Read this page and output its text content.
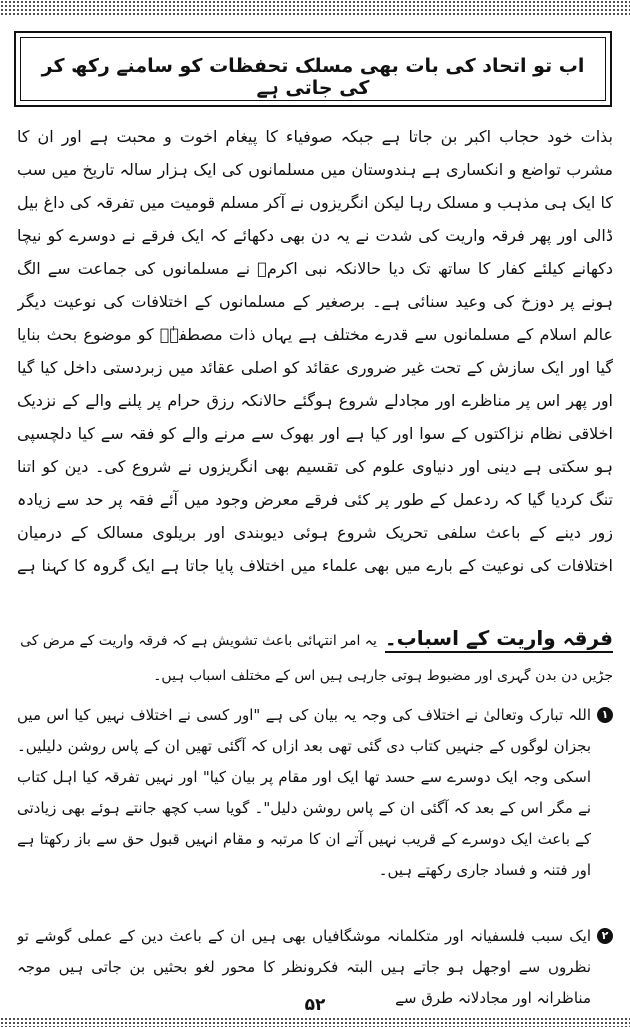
اب تو اتحاد کی بات بھی مسلک تحفظات کو سامنے رکھ کر کی جاتی ہے

بذات خود حجاب اکبر بن جاتا ہے جبکہ صوفیاء کا پیغام اخوت و محبت ہے اور ان کا مشرب تواضع و انکساری ہے ہندوستان میں مسلمانوں کی ایک ہزار سالہ تاریخ میں سب کا ایک ہی مذہب و مسلک رہا لیکن انگریزوں نے آکر مسلم قومیت میں تفرقہ کی داغ بیل ڈالی اور پھر فرقہ واریت کی شدت نے یہ دن بھی دکھائے کہ ایک فرقے نے دوسرے کو نیچا دکھانے کیلئے کفار کا ساتھ تک دیا حالانکہ نبی اکرمؐ نے مسلمانوں کی جماعت سے الگ ہونے پر دوزخ کی وعید سنائی ہے۔ برصغیر کے مسلمانوں کے اختلافات کی نوعیت دیگر عالم اسلام کے مسلمانوں سے قدرے مختلف ہے یہاں ذات مصطفےٰؐ کو موضوع بحث بنایا گیا اور ایک سازش کے تحت غیر ضروری عقائد کو اصلی عقائد میں زبردستی داخل کیا گیا اور پھر اس پر مناظرے اور مجادلے شروع ہوگئے حالانکہ رزق حرام پر پلنے والے کے نزدیک اخلاقی نظام نزاکتوں کے سوا اور کیا ہے اور بھوک سے مرنے والے کو فقہ سے کیا دلچسپی ہو سکتی ہے دینی اور دنیاوی علوم کی تقسیم بھی انگریزوں نے شروع کی۔ دین کو اتنا تنگ کردیا گیا کہ ردعمل کے طور پر کئی فرقے معرض وجود میں آئے فقہ پر حد سے زیادہ زور دینے کے باعث سلفی تحریک شروع ہوئی دیوبندی اور بریلوی مسالک کے درمیان اختلافات کی نوعیت کے بارے میں بھی علماء میں اختلاف پایا جاتا ہے ایک گروہ کا کہنا ہے

فرقہ واریت کے اسباب۔یہ امر انتہائی باعث تشویش ہے کہ فرقہ واریت کے مرض کی

جڑیں دن بدن گہری اور مضبوط ہوتی جارہی ہیں اس کے مختلف اسباب ہیں۔

١
اللہ تبارک وتعالیٰ نے اختلاف کی وجہ یہ بیان کی ہے "اور کسی نے اختلاف نہیں کیا اس میں بجزان لوگوں کے جنہیں کتاب دی گئی تھی بعد ازاں کہ آگئی تھیں ان کے پاس روشن دلیلیں۔ اسکی وجہ ایک دوسرے سے حسد تھا ایک اور مقام پر بیان کیا" اور نہیں تفرقہ کیا اہل کتاب نے مگر اس کے بعد کہ آگئی ان کے پاس روشن دلیل"۔ گویا سب کچھ جانتے ہوئے بھی زیادتی کے باعث ایک دوسرے کے قریب نہیں آتے ان کا مرتبہ و مقام انہیں قبول حق سے باز رکھتا ہے اور فتنہ و فساد جاری رکھتے ہیں۔

٢
ایک سبب فلسفیانہ اور متکلمانہ موشگافیاں بھی ہیں ان کے باعث دین کے عملی گوشے تو نظروں سے اوجھل ہو جاتے ہیں البتہ فکرونظر کا محور لغو بحثیں بن جاتی ہیں موجہ مناظرانہ اور مجادلانہ طرق سے

۵۲
